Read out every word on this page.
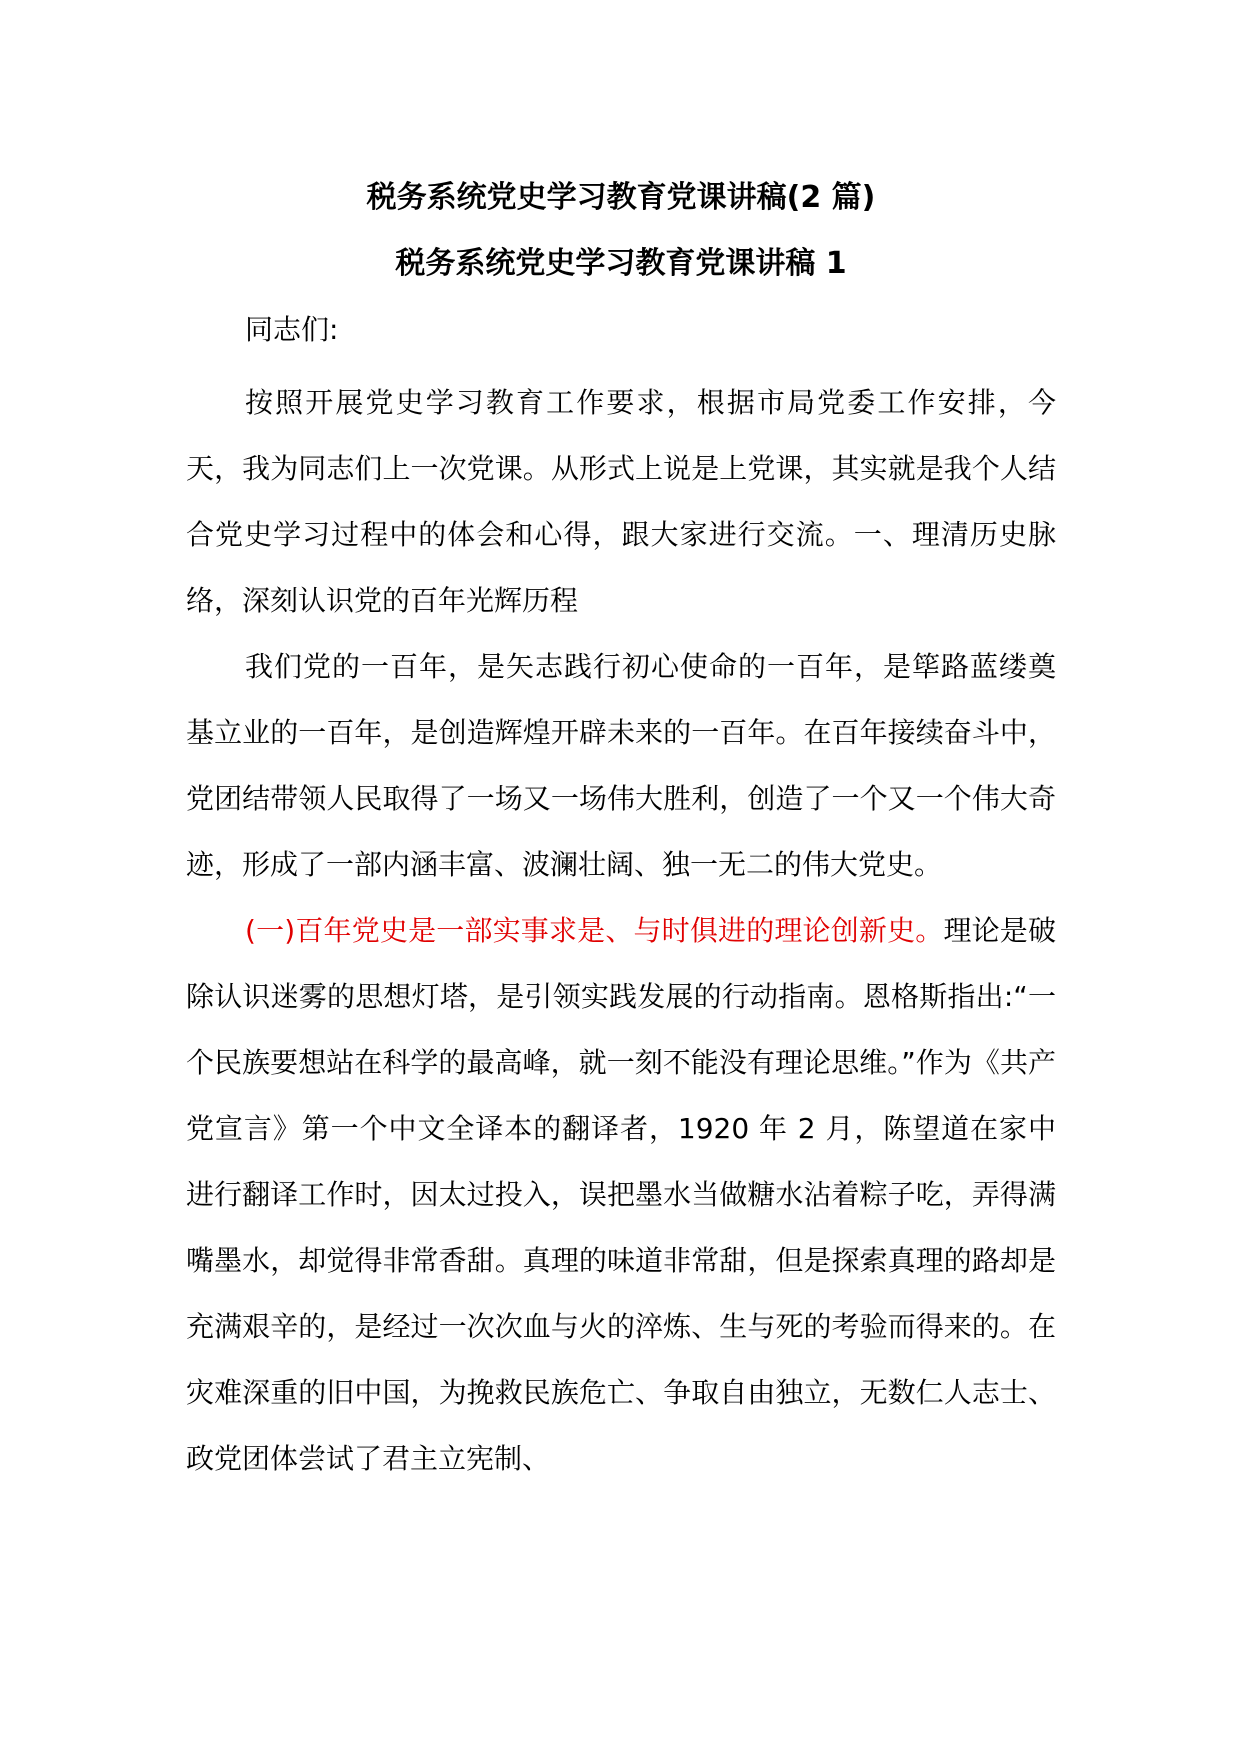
税务系统党史学习教育党课讲稿(2 篇)
税务系统党史学习教育党课讲稿 1

同志们:

按照开展党史学习教育工作要求，根据市局党委工作安排，今天，我为同志们上一次党课。从形式上说是上党课，其实就是我个人结合党史学习过程中的体会和心得，跟大家进行交流。一、理清历史脉络，深刻认识党的百年光辉历程

我们党的一百年，是矢志践行初心使命的一百年，是筚路蓝缕奠基立业的一百年，是创造辉煌开辟未来的一百年。在百年接续奋斗中，党团结带领人民取得了一场又一场伟大胜利，创造了一个又一个伟大奇迹，形成了一部内涵丰富、波澜壮阔、独一无二的伟大党史。

(一)百年党史是一部实事求是、与时俱进的理论创新史。理论是破除认识迷雾的思想灯塔，是引领实践发展的行动指南。恩格斯指出:“一个民族要想站在科学的最高峰，就一刻不能没有理论思维。”作为《共产党宣言》第一个中文全译本的翻译者，1920 年 2 月，陈望道在家中进行翻译工作时，因太过投入，误把墨水当做糖水沾着粽子吃，弄得满嘴墨水，却觉得非常香甜。真理的味道非常甜，但是探索真理的路却是充满艰辛的，是经过一次次血与火的淬炼、生与死的考验而得来的。在灾难深重的旧中国，为挽救民族危亡、争取自由独立，无数仁人志士、政党团体尝试了君主立宪制、
